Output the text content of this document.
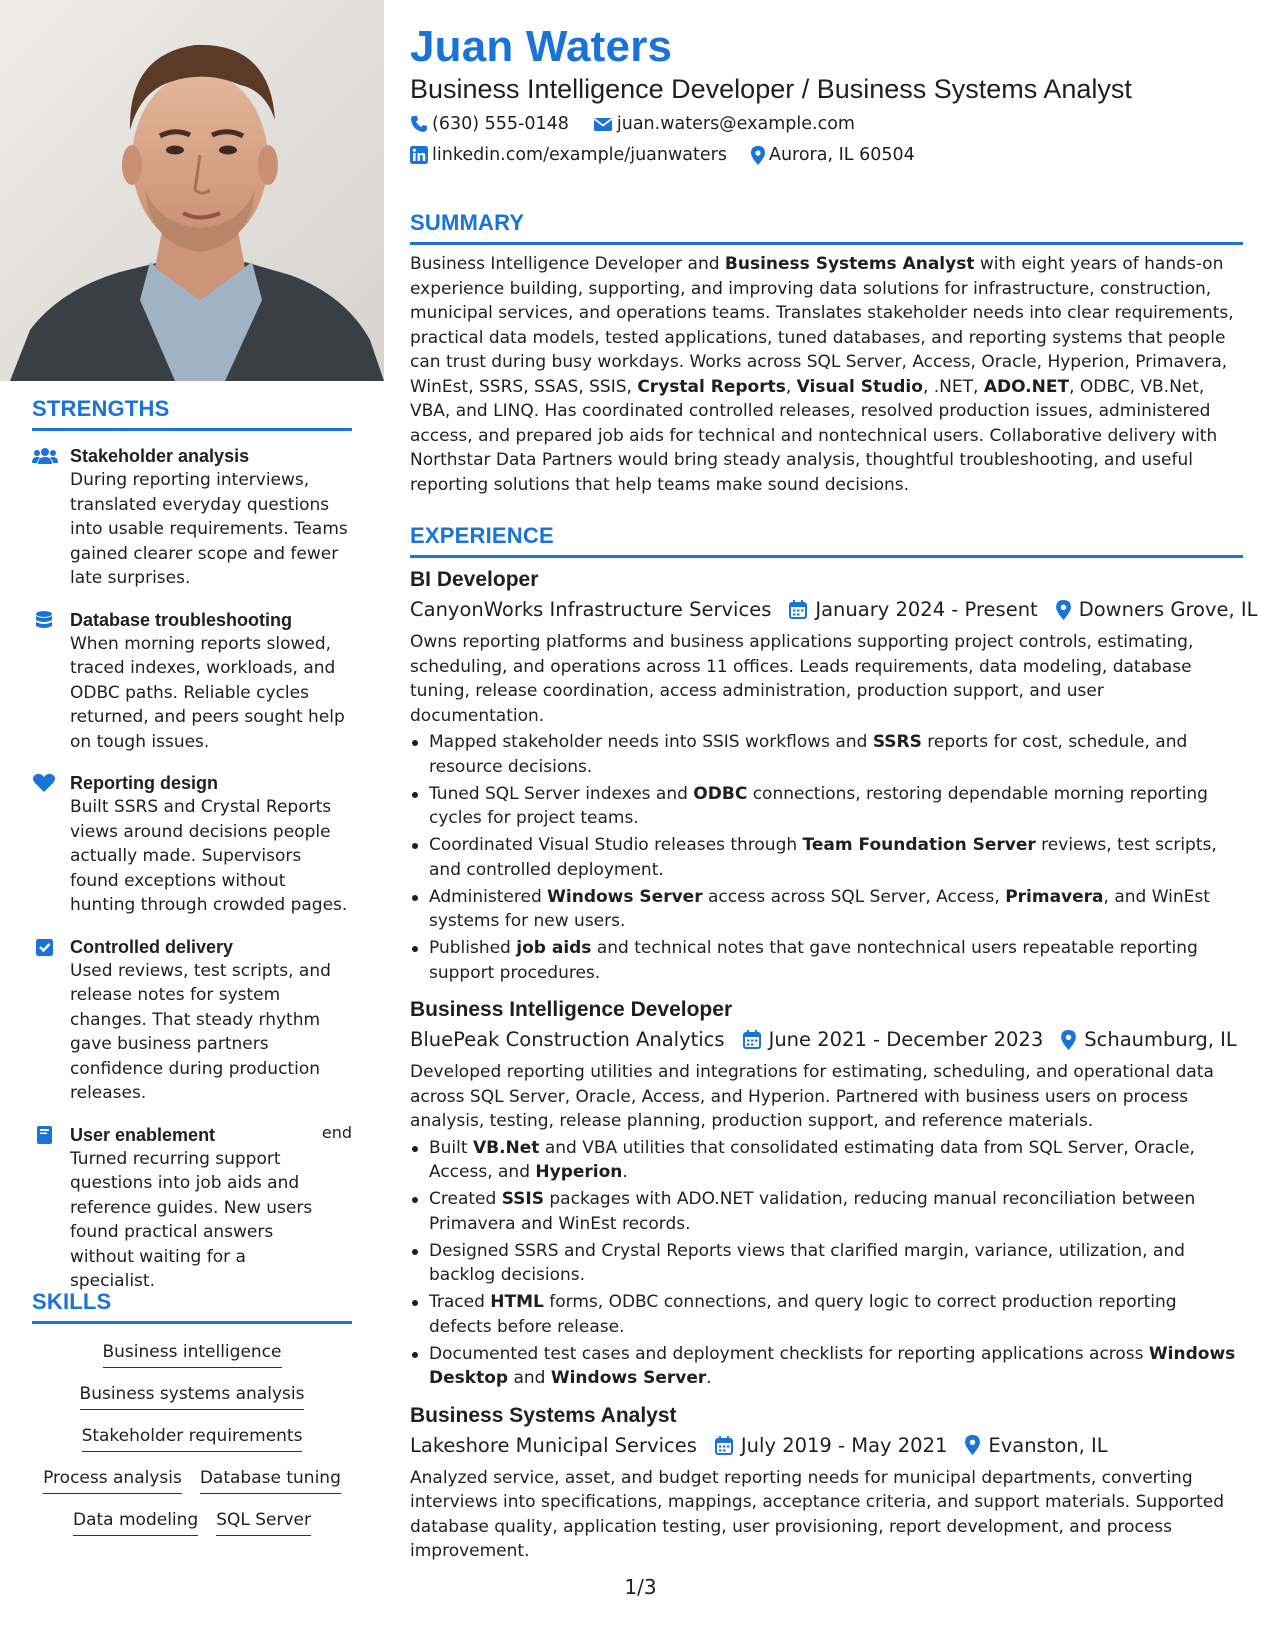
STRENGTHS
Stakeholder analysis
During reporting interviews, translated everyday questions into usable requirements. Teams gained clearer scope and fewer late surprises.
Database troubleshooting
When morning reports slowed, traced indexes, workloads, and ODBC paths. Reliable cycles returned, and peers sought help on tough issues.
Reporting design
Built SSRS and Crystal Reports views around decisions people actually made. Supervisors found exceptions without hunting through crowded pages.
Controlled delivery
Used reviews, test scripts, and release notes for system changes. That steady rhythm gave business partners confidence during production releases.
User enablement
Turned recurring support questions into job aids and reference guides. New users found practical answers without waiting for a specialist.
end
SKILLS
Business intelligence
Business systems analysis
Stakeholder requirements
Process analysis Database tuning
Data modeling SQL Server
Juan Waters
Business Intelligence Developer / Business Systems Analyst
(630) 555-0148	juan.waters@example.com
linkedin.com/example/juanwaters Aurora, IL 60504
SUMMARY
Business Intelligence Developer and Business Systems Analyst with eight years of hands-on experience building, supporting, and improving data solutions for infrastructure, construction, municipal services, and operations teams. Translates stakeholder needs into clear requirements, practical data models, tested applications, tuned databases, and reporting systems that people can trust during busy workdays. Works across SQL Server, Access, Oracle, Hyperion, Primavera, WinEst, SSRS, SSAS, SSIS, Crystal Reports, Visual Studio, .NET, ADO.NET, ODBC, VB.Net, VBA, and LINQ. Has coordinated controlled releases, resolved production issues, administered access, and prepared job aids for technical and nontechnical users. Collaborative delivery with Northstar Data Partners would bring steady analysis, thoughtful troubleshooting, and useful reporting solutions that help teams make sound decisions.
EXPERIENCE
BI Developer
CanyonWorks Infrastructure Services January 2024 - Present Downers Grove, IL
Owns reporting platforms and business applications supporting project controls, estimating, scheduling, and operations across 11 offices. Leads requirements, data modeling, database tuning, release coordination, access administration, production support, and user documentation.
Mapped stakeholder needs into SSIS workflows and SSRS reports for cost, schedule, and resource decisions.
Tuned SQL Server indexes and ODBC connections, restoring dependable morning reporting cycles for project teams.
Coordinated Visual Studio releases through Team Foundation Server reviews, test scripts, and controlled deployment.
Administered Windows Server access across SQL Server, Access, Primavera, and WinEst systems for new users.
Published job aids and technical notes that gave nontechnical users repeatable reporting support procedures.
Business Intelligence Developer
BluePeak Construction Analytics June 2021 - December 2023 Schaumburg, IL
Developed reporting utilities and integrations for estimating, scheduling, and operational data across SQL Server, Oracle, Access, and Hyperion. Partnered with business users on process analysis, testing, release planning, production support, and reference materials.
Built VB.Net and VBA utilities that consolidated estimating data from SQL Server, Oracle, Access, and Hyperion.
Created SSIS packages with ADO.NET validation, reducing manual reconciliation between Primavera and WinEst records.
Designed SSRS and Crystal Reports views that clarified margin, variance, utilization, and backlog decisions.
Traced HTML forms, ODBC connections, and query logic to correct production reporting defects before release.
Documented test cases and deployment checklists for reporting applications across Windows Desktop and Windows Server.
Business Systems Analyst
Lakeshore Municipal Services July 2019 - May 2021 Evanston, IL
Analyzed service, asset, and budget reporting needs for municipal departments, converting interviews into specifications, mappings, acceptance criteria, and support materials. Supported database quality, application testing, user provisioning, report development, and process improvement.
1/3
